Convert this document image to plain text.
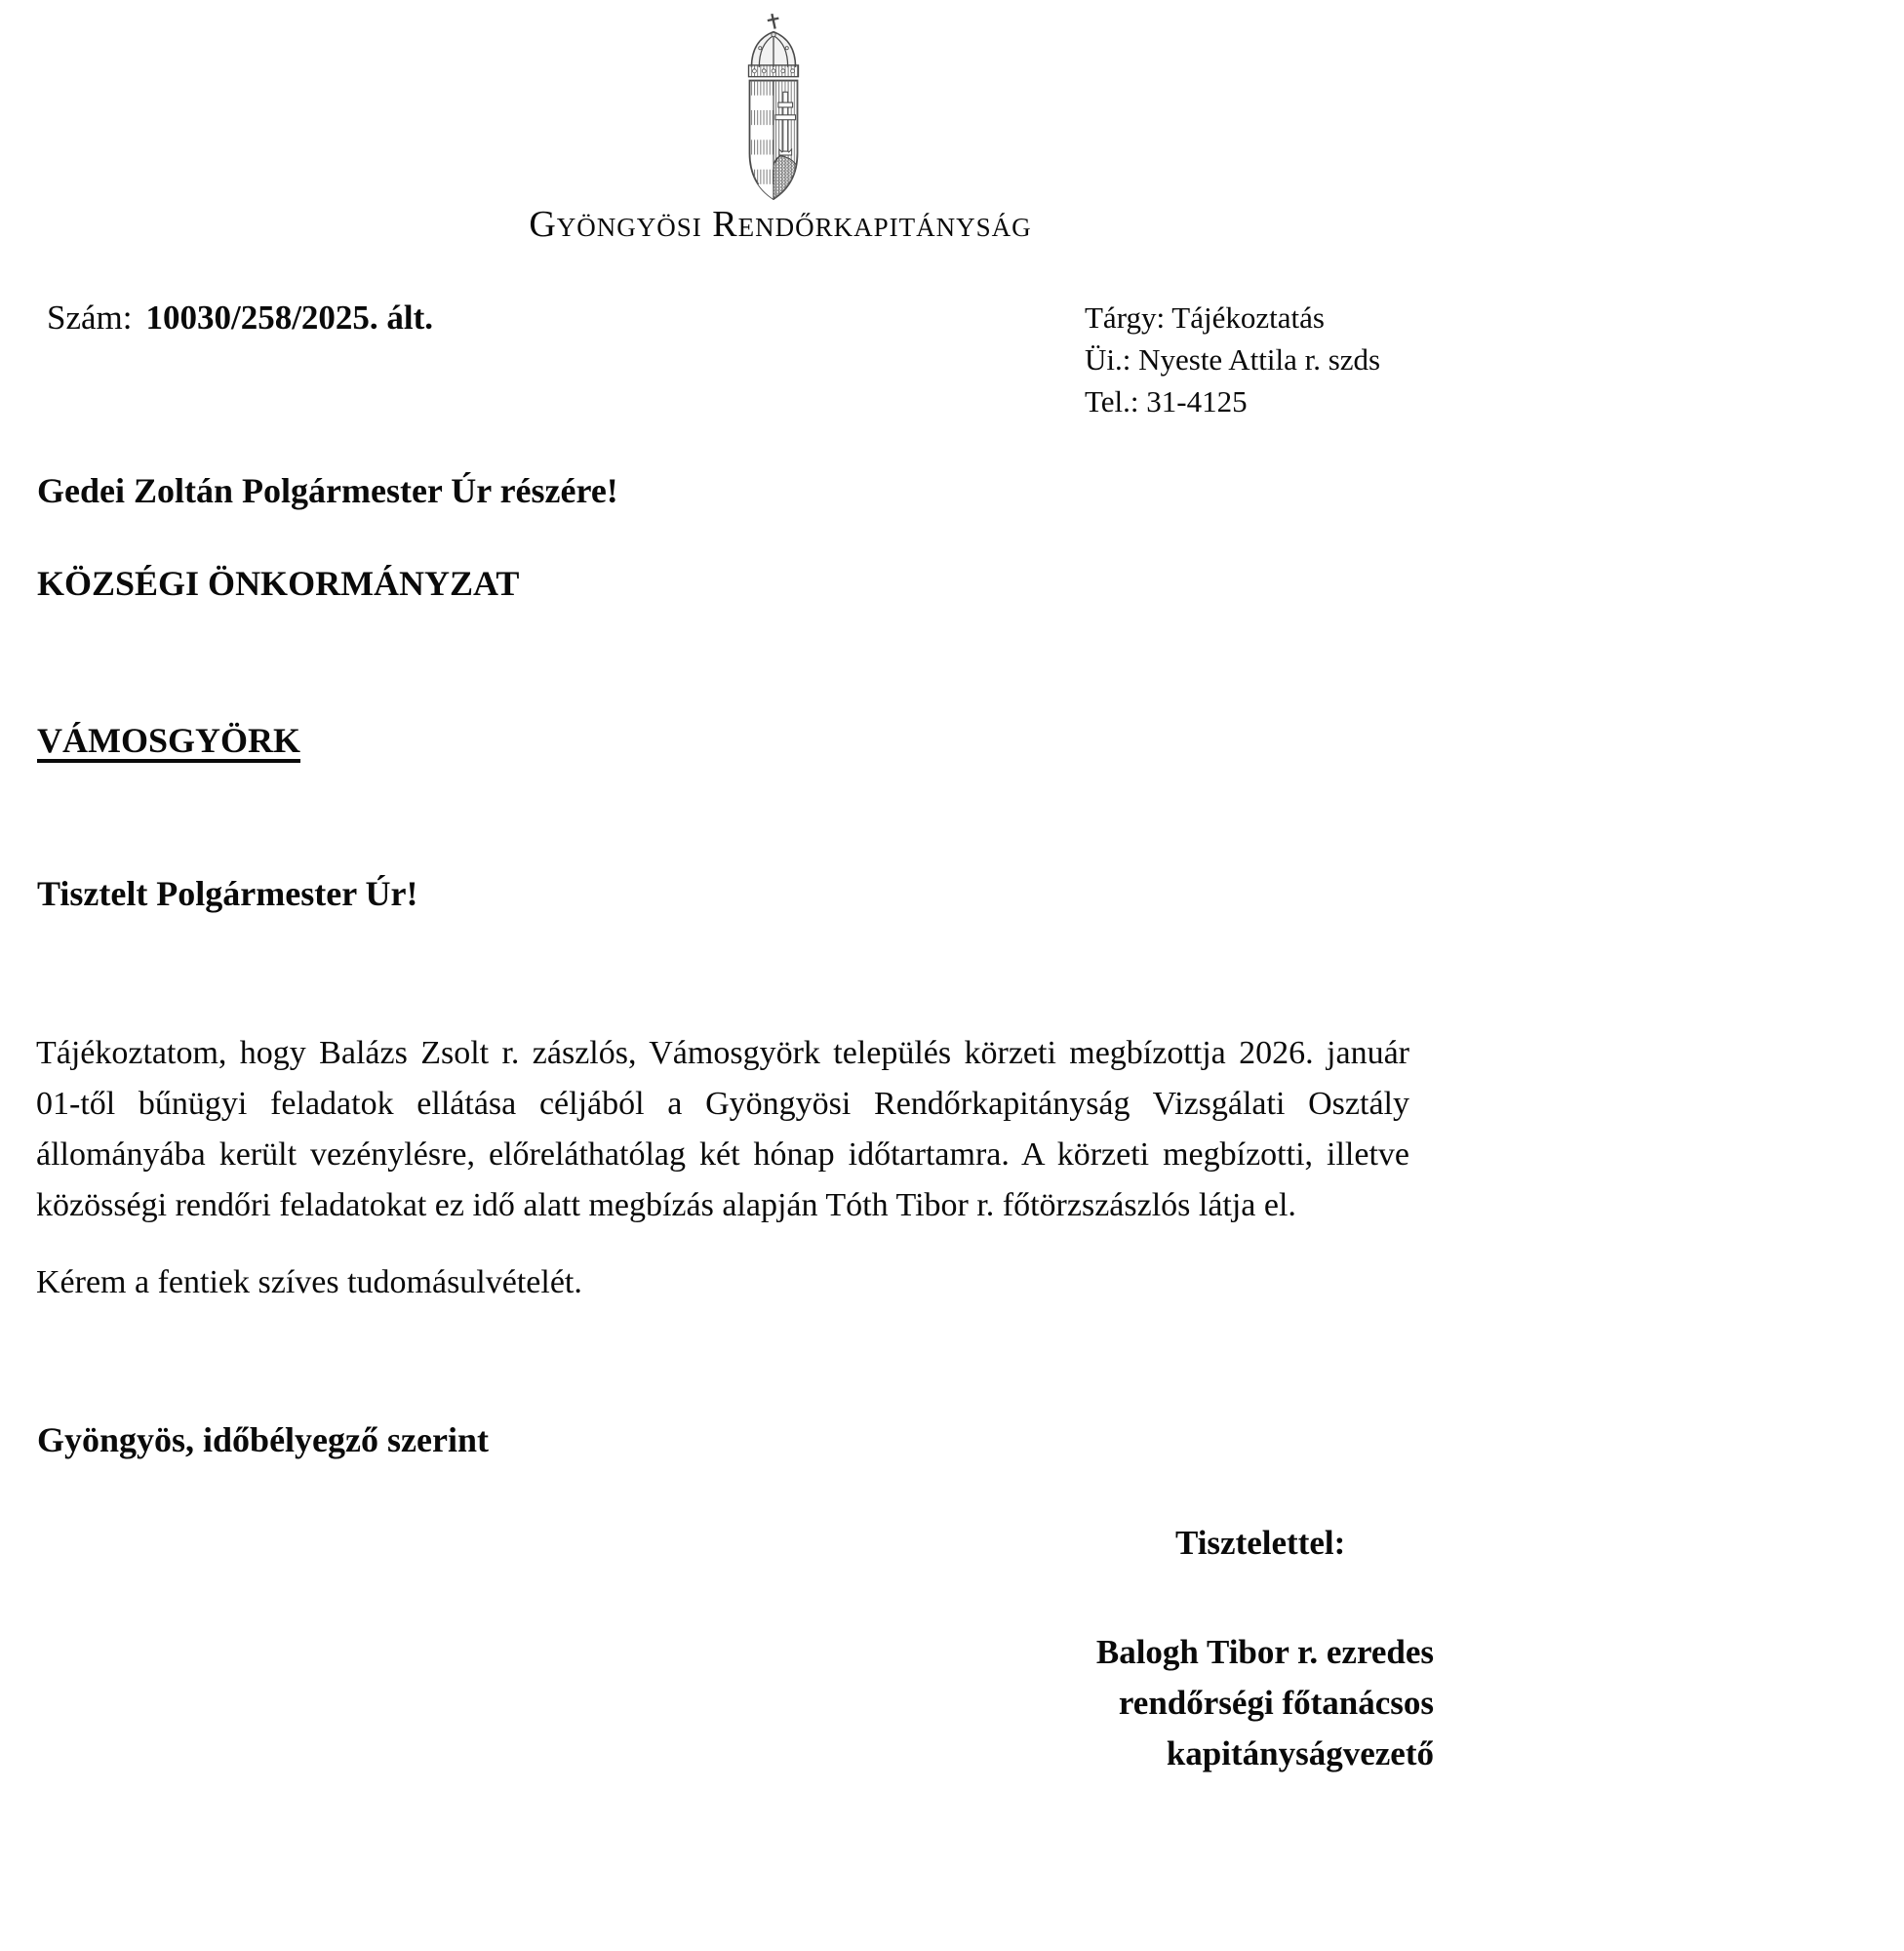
Gyöngyösi Rendőrkapitányság
Szám: 10030/258/2025. ált.	Tárgy: Tájékoztatás
Üi.: Nyeste Attila r. szds
Tel.: 31-4125
Gedei Zoltán Polgármester Úr részére!
KÖZSÉGI ÖNKORMÁNYZAT
VÁMOSGYÖRK
Tisztelt Polgármester Úr!
Tájékoztatom, hogy Balázs Zsolt r. zászlós, Vámosgyörk település körzeti megbízottja 2026. január
01-től bűnügyi feladatok ellátása céljából a Gyöngyösi Rendőrkapitányság Vizsgálati Osztály
állományába került vezénylésre, előreláthatólag két hónap időtartamra. A körzeti megbízotti, illetve
közösségi rendőri feladatokat ez idő alatt megbízás alapján Tóth Tibor r. főtörzszászlós látja el.
Kérem a fentiek szíves tudomásulvételét.
Gyöngyös, időbélyegző szerint
Tisztelettel:
Balogh Tibor r. ezredes
rendőrségi főtanácsos
kapitányságvezető
